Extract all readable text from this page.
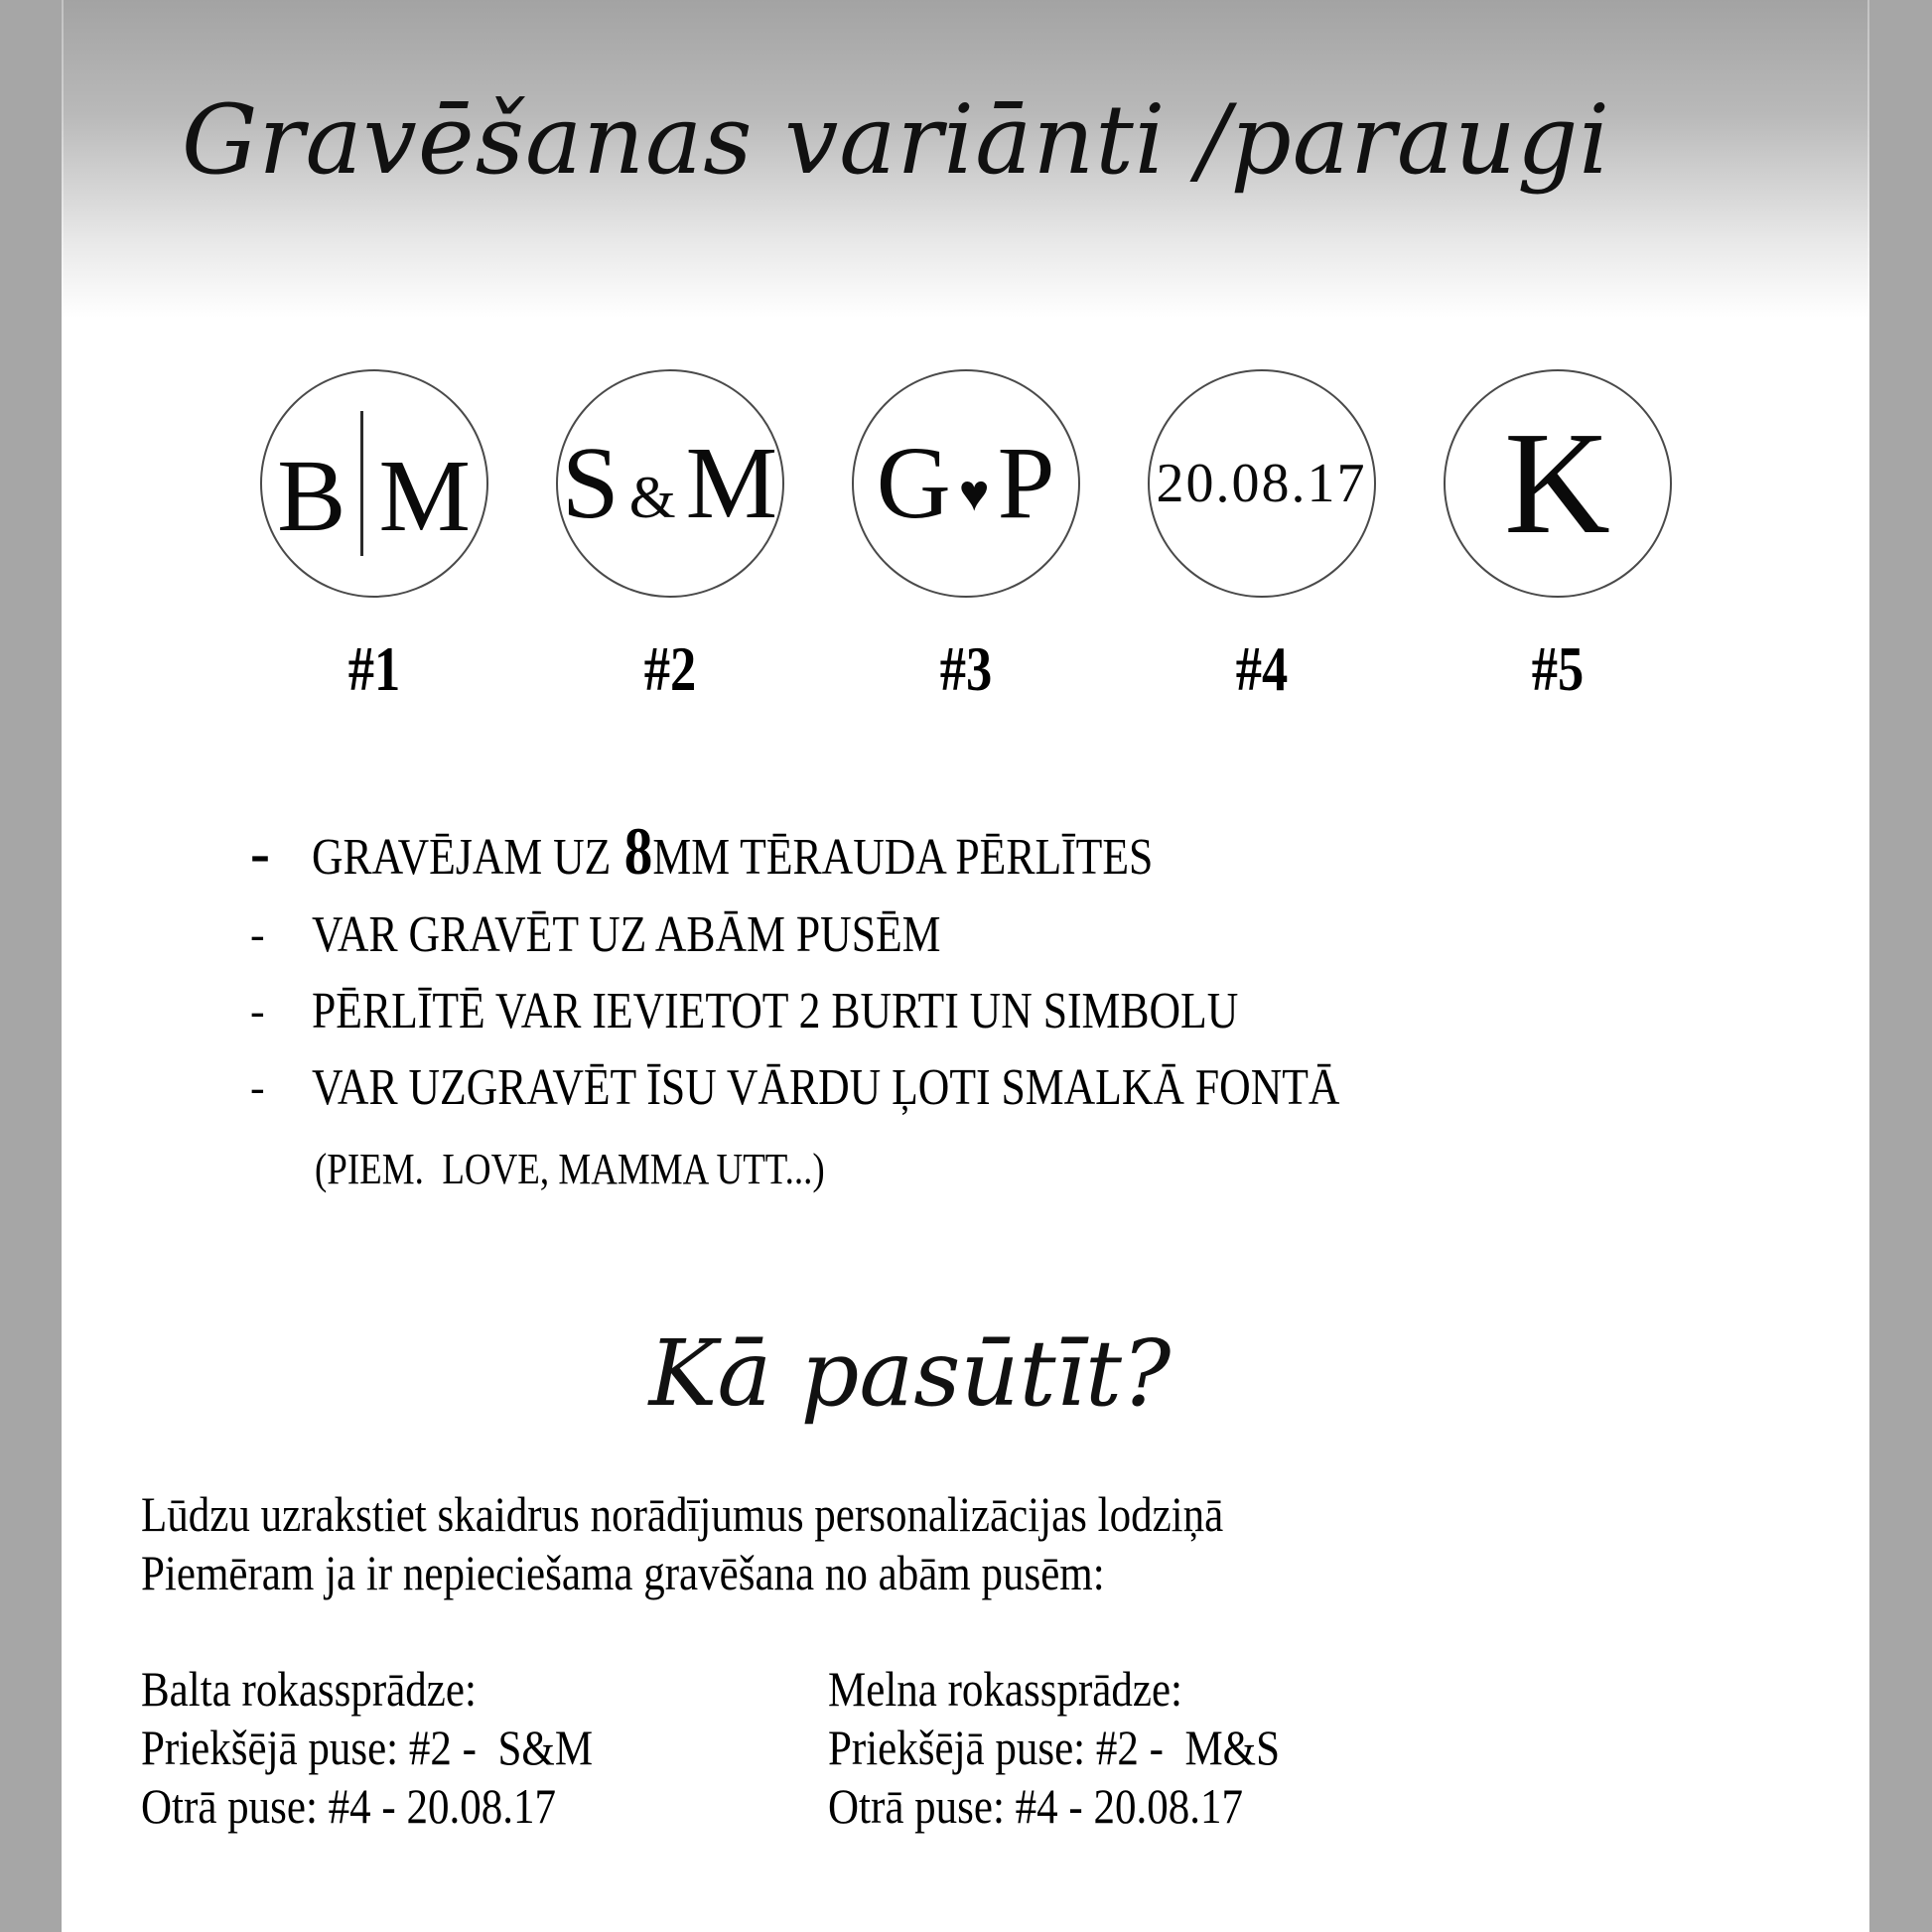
Gravēšanas variānti /paraugi
B M
#1
S &M
#2
G ♥P
#3
20.08.17
#4
K
#5
- GRAVĒJAM UZ 8MM TĒRAUDA PĒRLĪTES
- VAR GRAVĒT UZ ABĀM PUSĒM
- PĒRLĪTĒ VAR IEVIETOT 2 BURTI UN SIMBOLU
- VAR UZGRAVĒT ĪSU VĀRDU ĻOTI SMALKĀ FONTĀ
(PIEM.  LOVE, MAMMA UTT...)
Kā pasūtīt?
Lūdzu uzrakstiet skaidrus norādījumus personalizācijas lodziņā
Piemēram ja ir nepieciešama gravēšana no abām pusēm:
Balta rokassprādze:
Priekšējā puse: #2 -  S&M
Otrā puse: #4 - 20.08.17
Melna rokassprādze:
Priekšējā puse: #2 -  M&S
Otrā puse: #4 - 20.08.17
